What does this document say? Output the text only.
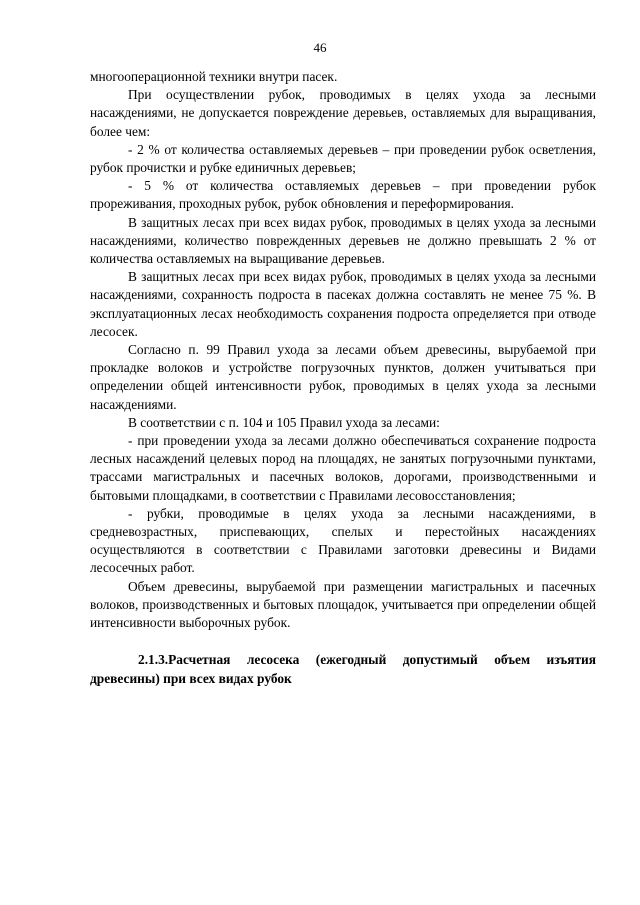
46

многооперационной техники внутри пасек.

При осуществлении рубок, проводимых в целях ухода за лесными насаждениями, не допускается повреждение деревьев, оставляемых для выращивания, более чем:

- 2 % от количества оставляемых деревьев – при проведении рубок осветления, рубок прочистки и рубке единичных деревьев;

- 5 % от количества оставляемых деревьев – при проведении рубок прореживания, проходных рубок, рубок обновления и переформирования.

В защитных лесах при всех видах рубок, проводимых в целях ухода за лесными насаждениями, количество поврежденных деревьев не должно превышать 2 % от количества оставляемых на выращивание деревьев.

В защитных лесах при всех видах рубок, проводимых в целях ухода за лесными насаждениями, сохранность подроста в пасеках должна составлять не менее 75 %. В эксплуатационных лесах необходимость сохранения подроста определяется при отводе лесосек.

Согласно п. 99 Правил ухода за лесами объем древесины, вырубаемой при прокладке волоков и устройстве погрузочных пунктов, должен учитываться при определении общей интенсивности рубок, проводимых в целях ухода за лесными насаждениями.

В соответствии с п. 104 и 105 Правил ухода за лесами:

- при проведении ухода за лесами должно обеспечиваться сохранение подроста лесных насаждений целевых пород на площадях, не занятых погрузочными пунктами, трассами магистральных и пасечных волоков, дорогами, производственными и бытовыми площадками, в соответствии с Правилами лесовосстановления;

- рубки, проводимые в целях ухода за лесными насаждениями, в средневозрастных, приспевающих, спелых и перестойных насаждениях осуществляются в соответствии с Правилами заготовки древесины и Видами лесосечных работ.

Объем древесины, вырубаемой при размещении магистральных и пасечных волоков, производственных и бытовых площадок, учитывается при определении общей интенсивности выборочных рубок.

2.1.3.Расчетная лесосека (ежегодный допустимый объем изъятия древесины) при всех видах рубок
